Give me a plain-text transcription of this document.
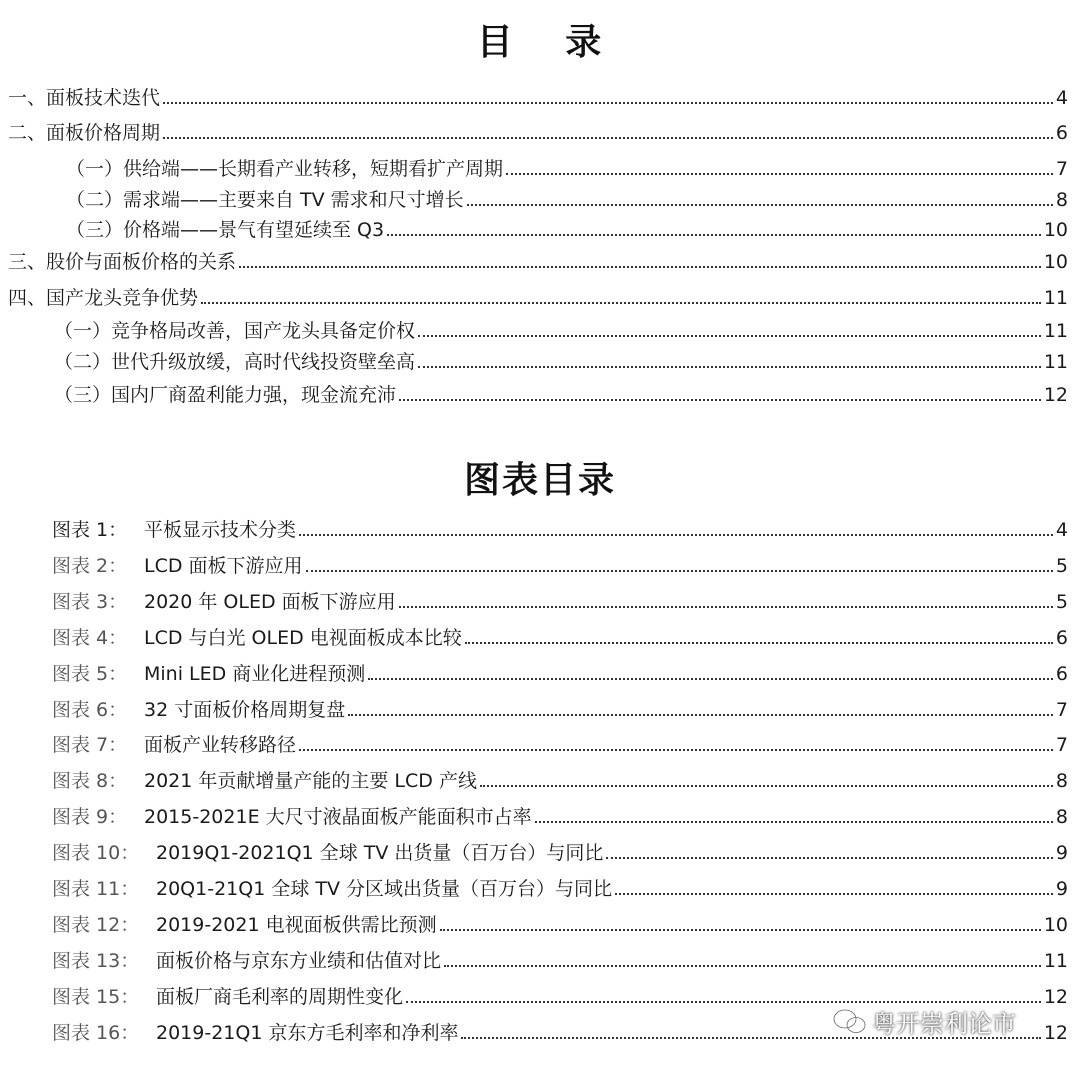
目 录
一、面板技术迭代	4
二、面板价格周期	6
（一）供给端——长期看产业转移，短期看扩产周期	7
（二）需求端——主要来自 TV 需求和尺寸增长	8
（三）价格端——景气有望延续至 Q3	10
三、股价与面板价格的关系	10
四、国产龙头竞争优势	11
（一）竞争格局改善，国产龙头具备定价权	11
（二）世代升级放缓，高时代线投资壁垒高	11
（三）国内厂商盈利能力强，现金流充沛	12
图表目录
图表 1： 平板显示技术分类	4
图表 2： LCD 面板下游应用	5
图表 3： 2020 年 OLED 面板下游应用	5
图表 4： LCD 与白光 OLED 电视面板成本比较	6
图表 5： Mini LED 商业化进程预测	6
图表 6： 32 寸面板价格周期复盘	7
图表 7： 面板产业转移路径	7
图表 8： 2021 年贡献增量产能的主要 LCD 产线	8
图表 9： 2015-2021E 大尺寸液晶面板产能面积市占率	8
图表 10： 2019Q1-2021Q1 全球 TV 出货量（百万台）与同比	9
图表 11： 20Q1-21Q1 全球 TV 分区域出货量（百万台）与同比	9
图表 12： 2019-2021 电视面板供需比预测	10
图表 13： 面板价格与京东方业绩和估值对比	11
图表 15： 面板厂商毛利率的周期性变化	12
图表 16： 2019-21Q1 京东方毛利率和净利率	12
粤开崇利论市
